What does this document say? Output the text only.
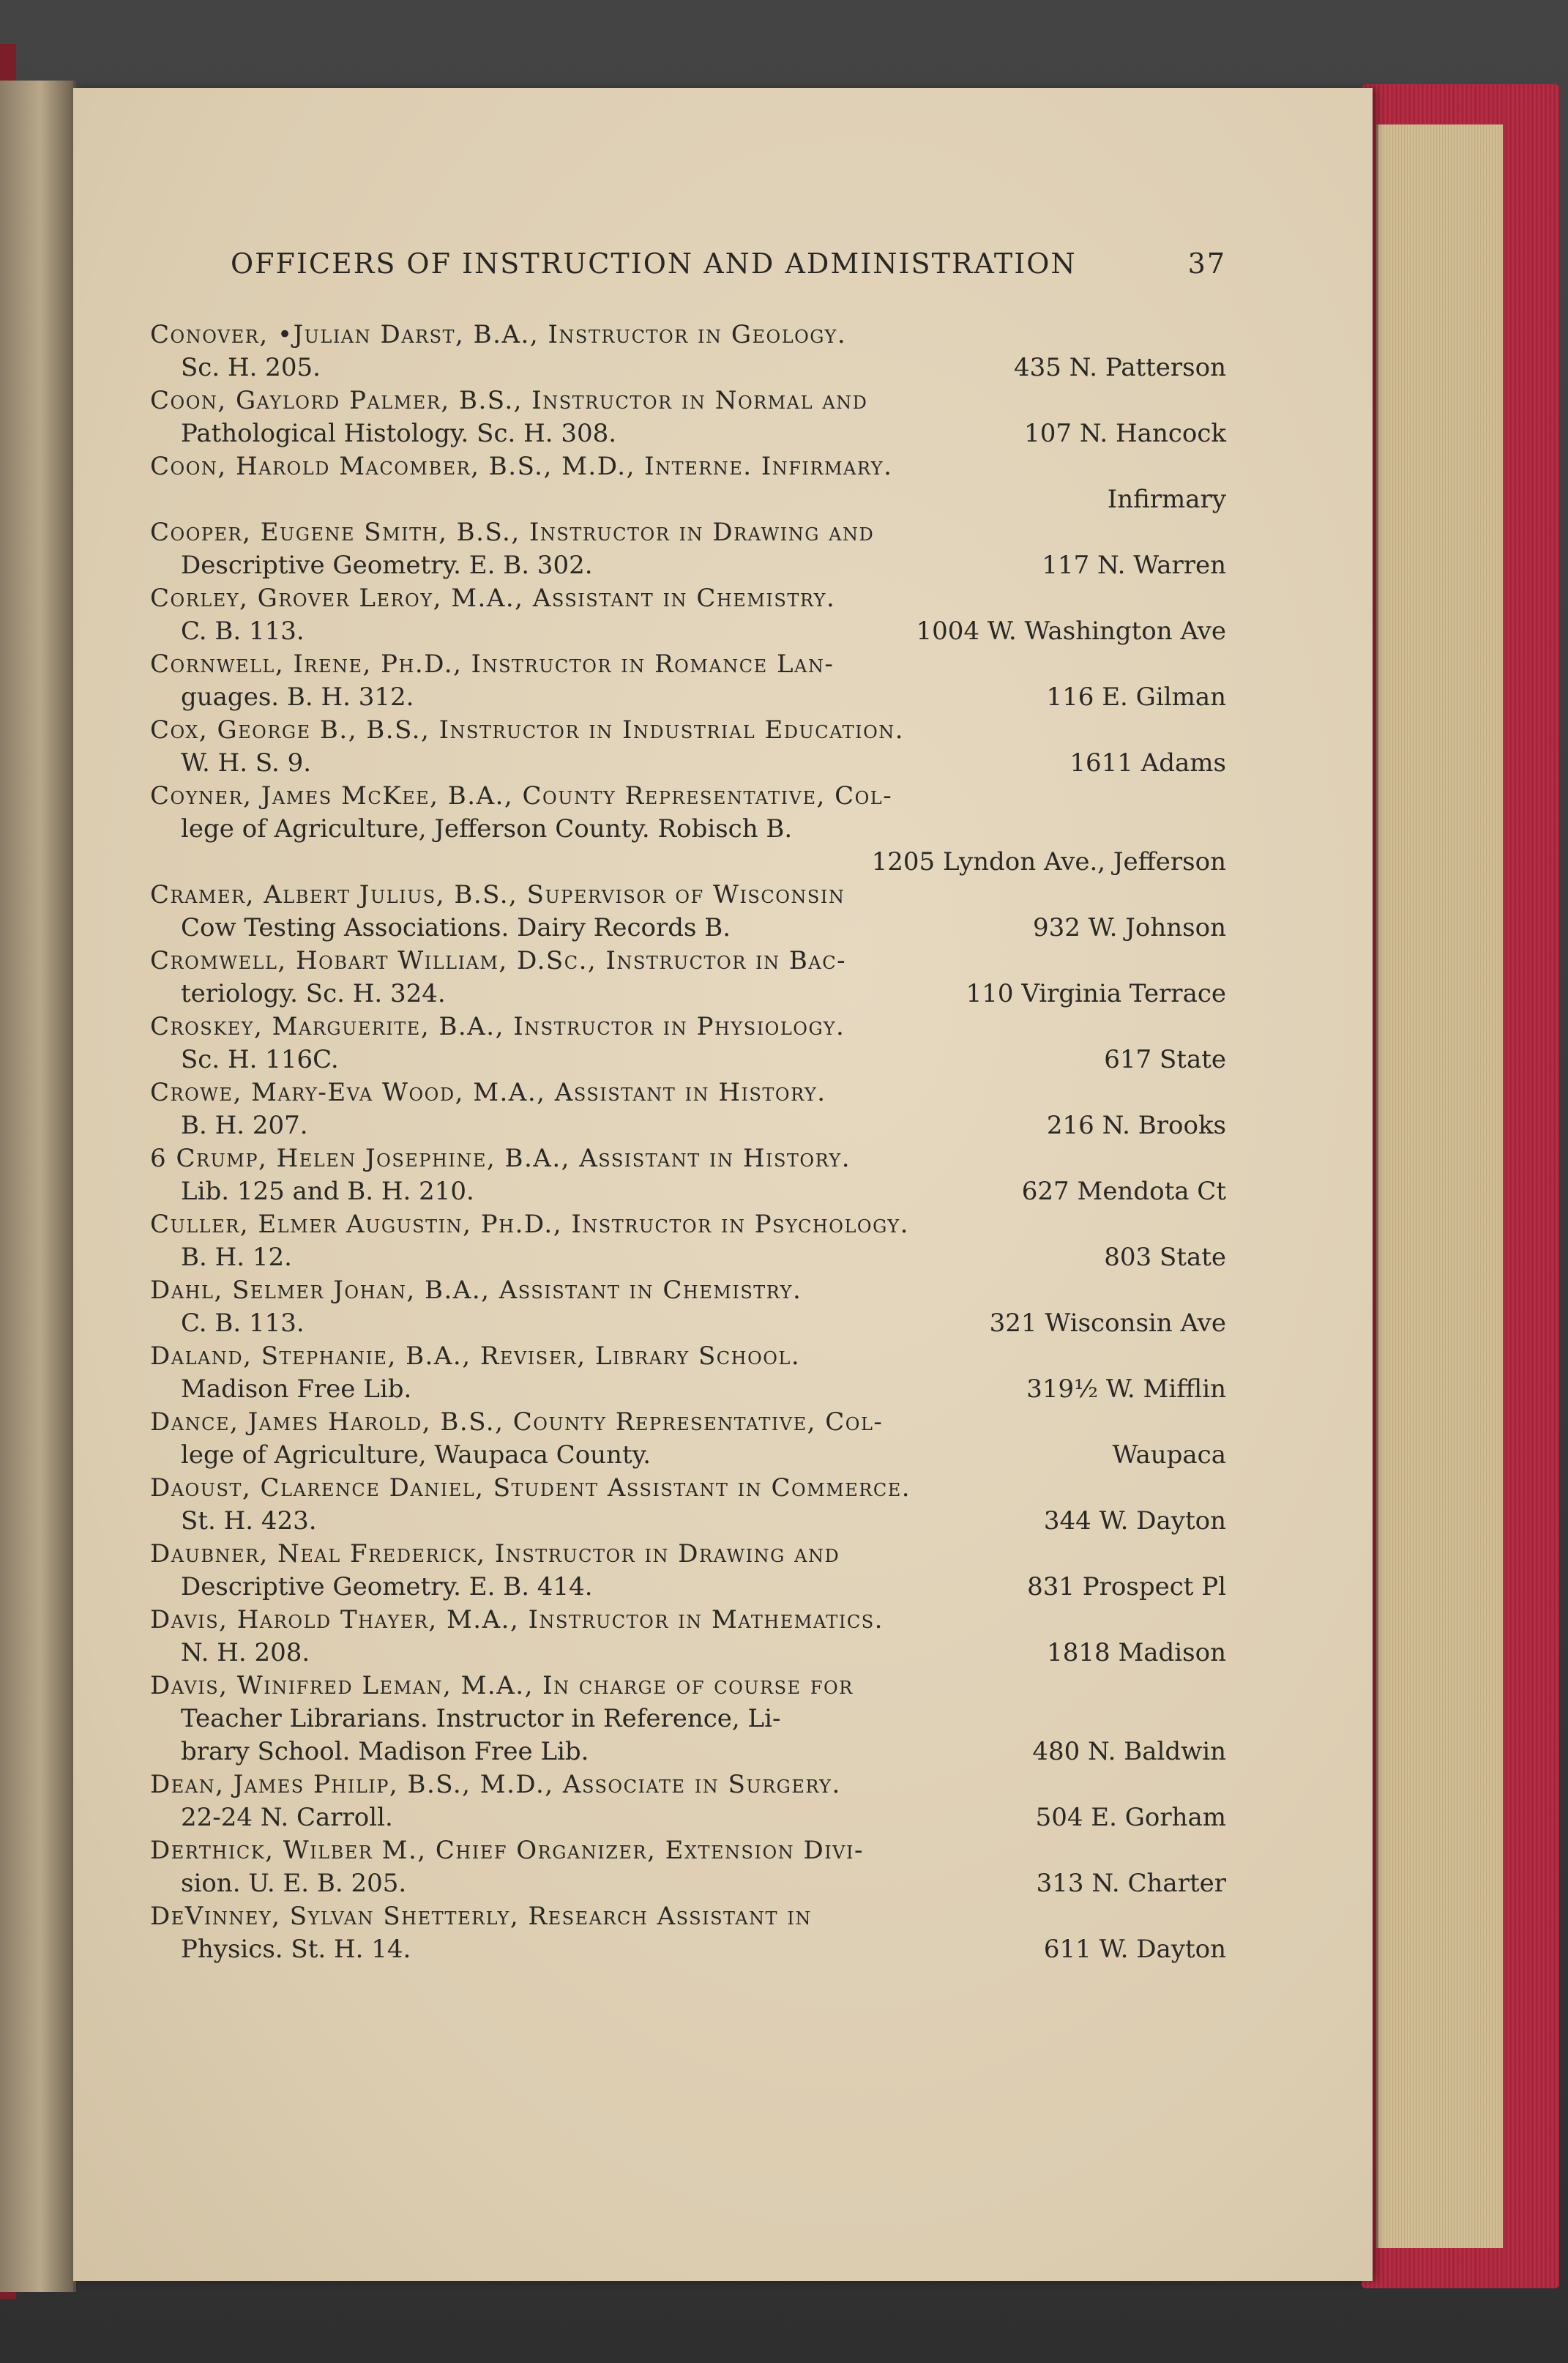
OFFICERS OF INSTRUCTION AND ADMINISTRATION	37
Conover, •Julian Darst, B.A., Instructor in Geology.
Sc. H. 205.	435 N. Patterson
Coon, Gaylord Palmer, B.S., Instructor in Normal and
Pathological Histology. Sc. H. 308.	107 N. Hancock
Coon, Harold Macomber, B.S., M.D., Interne. Infirmary.
Infirmary
Cooper, Eugene Smith, B.S., Instructor in Drawing and
Descriptive Geometry. E. B. 302.	117 N. Warren
Corley, Grover Leroy, M.A., Assistant in Chemistry.
C. B. 113.	1004 W. Washington Ave
Cornwell, Irene, Ph.D., Instructor in Romance Lan-
guages. B. H. 312.	116 E. Gilman
Cox, George B., B.S., Instructor in Industrial Education.
W. H. S. 9.	1611 Adams
Coyner, James McKee, B.A., County Representative, Col-
lege of Agriculture, Jefferson County. Robisch B.
1205 Lyndon Ave., Jefferson
Cramer, Albert Julius, B.S., Supervisor of Wisconsin
Cow Testing Associations. Dairy Records B.	932 W. Johnson
Cromwell, Hobart William, D.Sc., Instructor in Bac-
teriology. Sc. H. 324.	110 Virginia Terrace
Croskey, Marguerite, B.A., Instructor in Physiology.
Sc. H. 116C.	617 State
Crowe, Mary-Eva Wood, M.A., Assistant in History.
B. H. 207.	216 N. Brooks
6 Crump, Helen Josephine, B.A., Assistant in History.
Lib. 125 and B. H. 210.	627 Mendota Ct
Culler, Elmer Augustin, Ph.D., Instructor in Psychology.
B. H. 12.	803 State
Dahl, Selmer Johan, B.A., Assistant in Chemistry.
C. B. 113.	321 Wisconsin Ave
Daland, Stephanie, B.A., Reviser, Library School.
Madison Free Lib.	319½ W. Mifflin
Dance, James Harold, B.S., County Representative, Col-
lege of Agriculture, Waupaca County.	Waupaca
Daoust, Clarence Daniel, Student Assistant in Commerce.
St. H. 423.	344 W. Dayton
Daubner, Neal Frederick, Instructor in Drawing and
Descriptive Geometry. E. B. 414.	831 Prospect Pl
Davis, Harold Thayer, M.A., Instructor in Mathematics.
N. H. 208.	1818 Madison
Davis, Winifred Leman, M.A., In charge of course for
Teacher Librarians. Instructor in Reference, Li-
brary School. Madison Free Lib.	480 N. Baldwin
Dean, James Philip, B.S., M.D., Associate in Surgery.
22-24 N. Carroll.	504 E. Gorham
Derthick, Wilber M., Chief Organizer, Extension Divi-
sion. U. E. B. 205.	313 N. Charter
DeVinney, Sylvan Shetterly, Research Assistant in
Physics. St. H. 14.	611 W. Dayton
